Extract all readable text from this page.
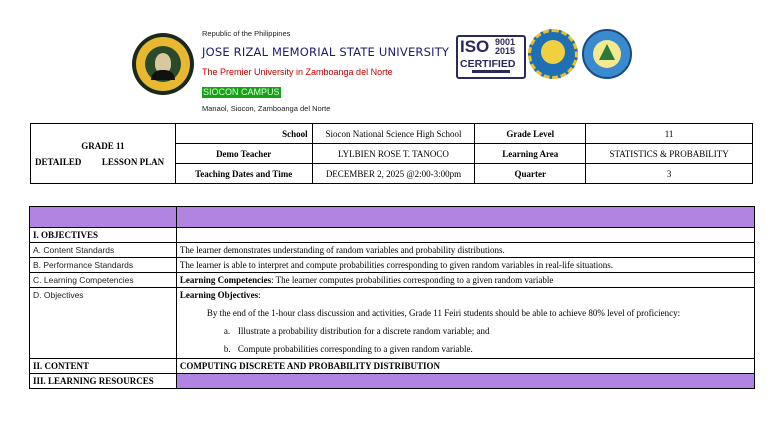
Republic of the Philippines
JOSE RIZAL MEMORIAL STATE UNIVERSITY
The Premier University in Zamboanga del Norte
SIOCON CAMPUS
Manaol, Siocon, Zamboanga del Norte
ISO 9001
2015
CERTIFIED
GRADE 11
DETAILED LESSON PLAN	School	Siocon National Science High School	Grade Level	11
	Demo Teacher	LYLBIEN ROSE T. TANOCO	Learning Area	STATISTICS & PROBABILITY
	Teaching Dates and Time	DECEMBER 2, 2025 @2:00-3:00pm	Quarter	3

I. OBJECTIVES	
A. Content Standards	The learner demonstrates understanding of random variables and probability distributions.
B. Performance Standards	The learner is able to interpret and compute probabilities corresponding to given random variables in real-life situations.
C. Learning Competencies	Learning Competencies: The learner computes probabilities corresponding to a given random variable
D. Objectives	Learning Objectives:
By the end of the 1-hour class discussion and activities, Grade 11 Feiri students should be able to achieve 80% level of proficiency:
a. Illustrate a probability distribution for a discrete random variable; and
b. Compute probabilities corresponding to a given random variable.

II. CONTENT	COMPUTING DISCRETE AND PROBABILITY DISTRIBUTION
III. LEARNING RESOURCES	
